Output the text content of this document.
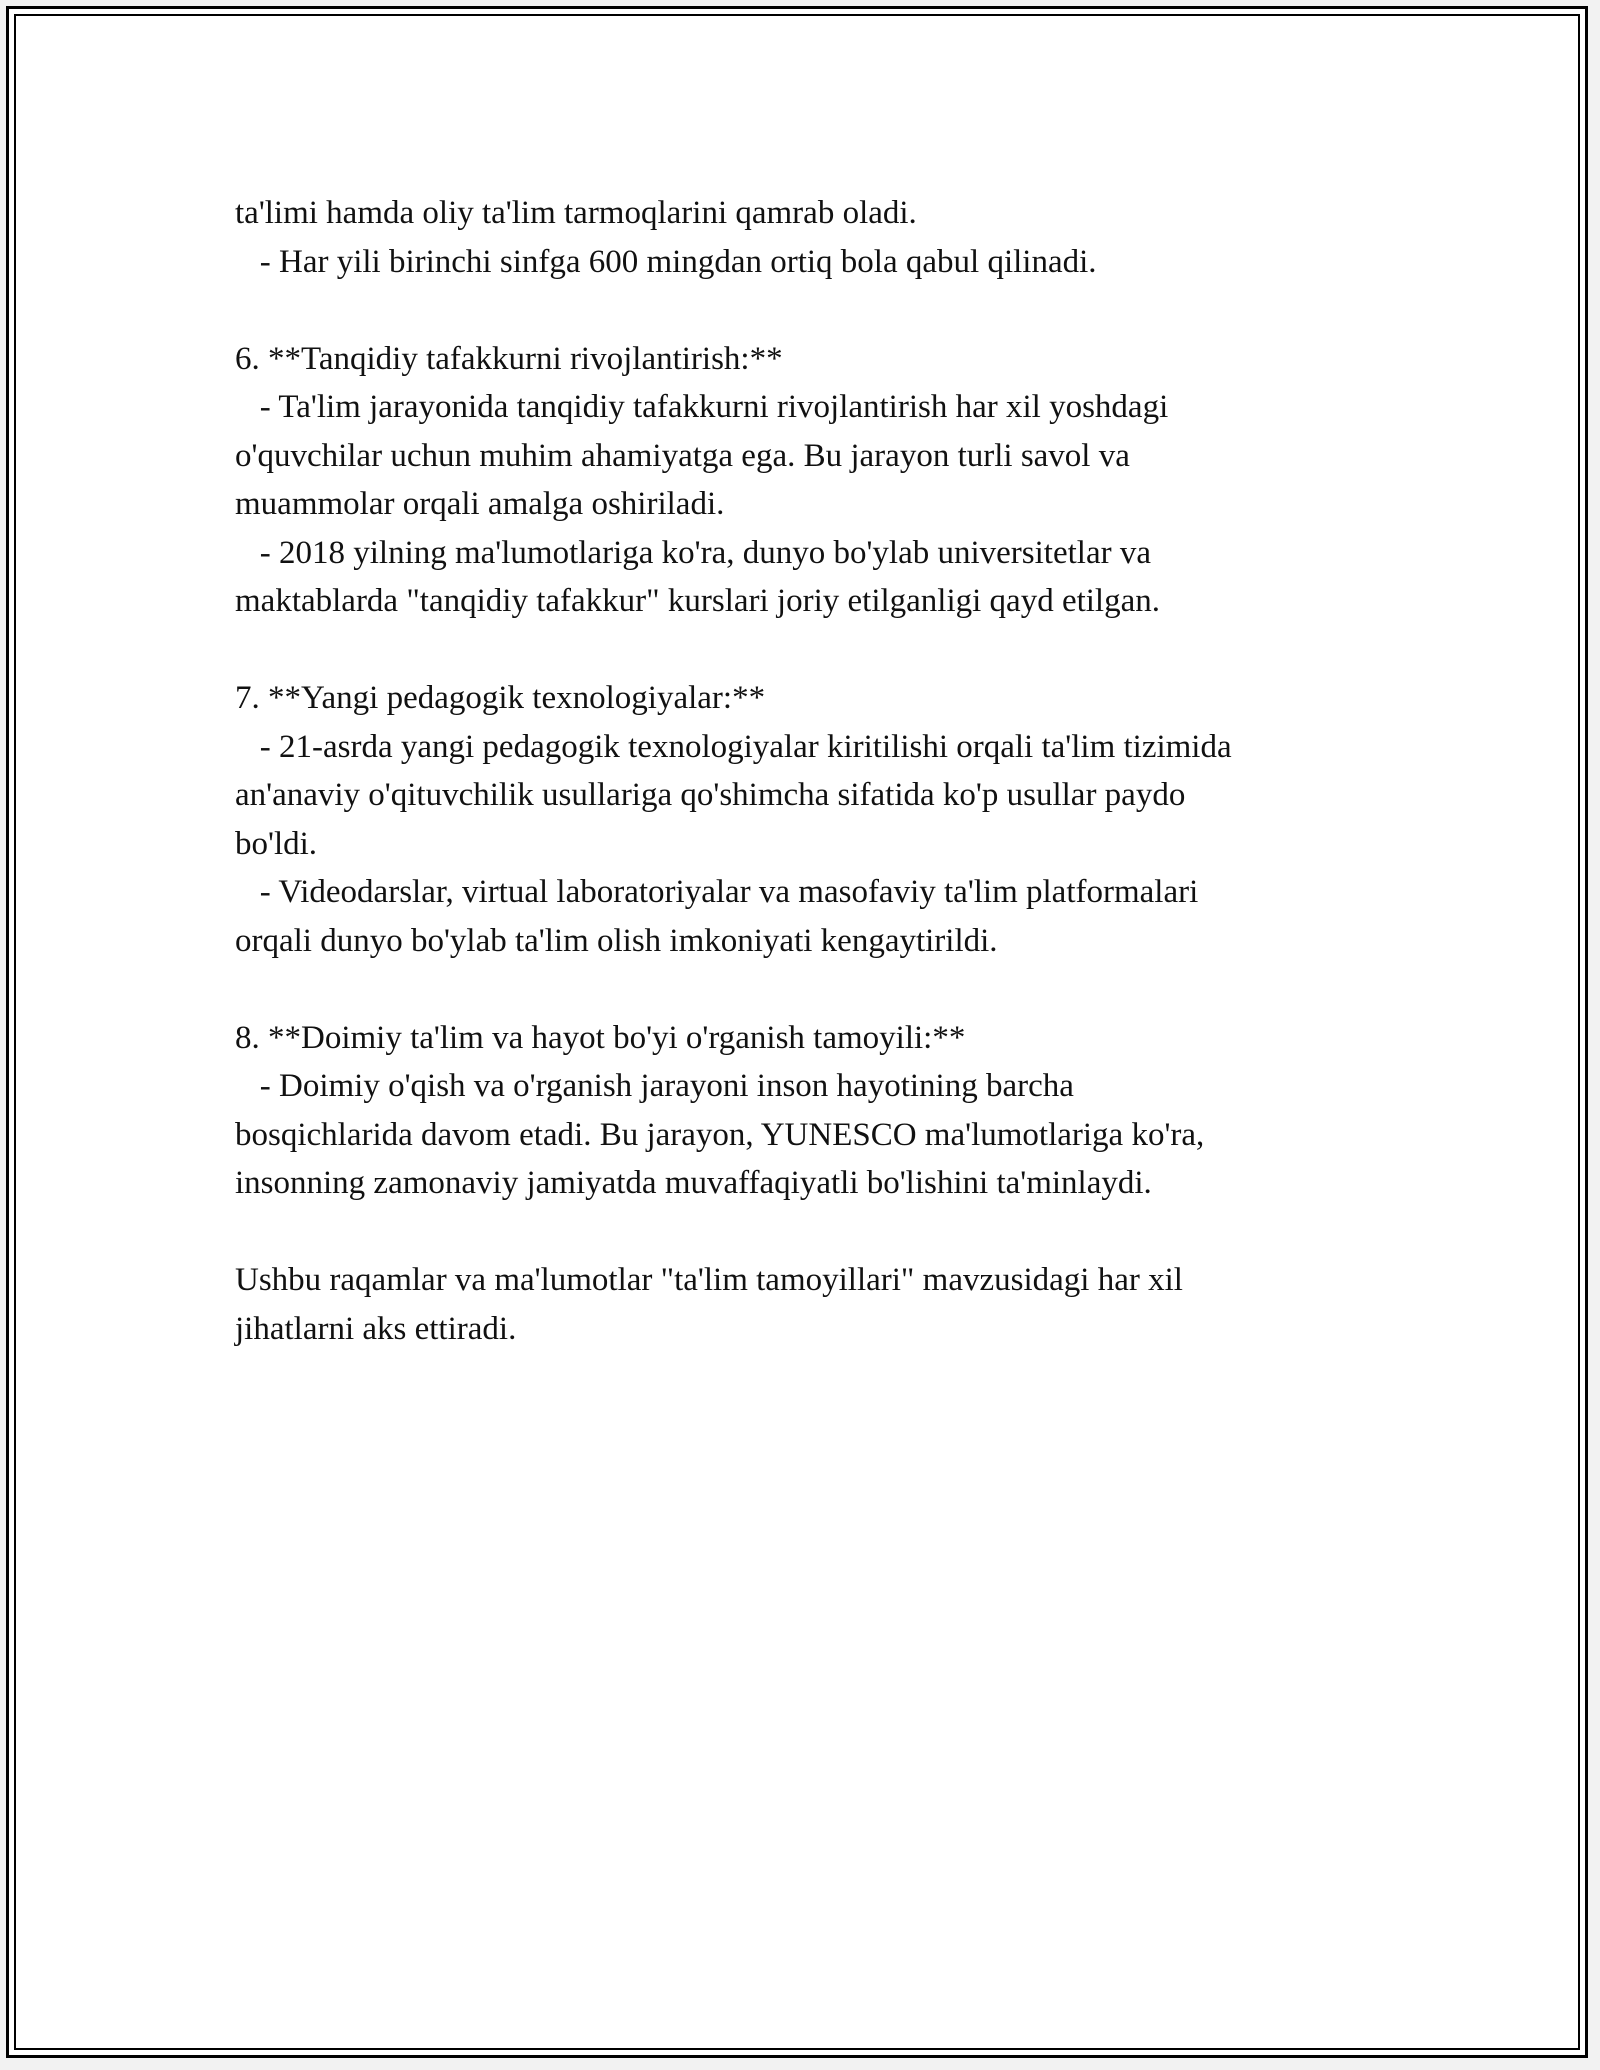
ta'limi hamda oliy ta'lim tarmoqlarini qamrab oladi.
- Har yili birinchi sinfga 600 mingdan ortiq bola qabul qilinadi.
6. **Tanqidiy tafakkurni rivojlantirish:**
- Ta'lim jarayonida tanqidiy tafakkurni rivojlantirish har xil yoshdagi
o'quvchilar uchun muhim ahamiyatga ega. Bu jarayon turli savol va
muammolar orqali amalga oshiriladi.
- 2018 yilning ma'lumotlariga ko'ra, dunyo bo'ylab universitetlar va
maktablarda "tanqidiy tafakkur" kurslari joriy etilganligi qayd etilgan.
7. **Yangi pedagogik texnologiyalar:**
- 21-asrda yangi pedagogik texnologiyalar kiritilishi orqali ta'lim tizimida
an'anaviy o'qituvchilik usullariga qo'shimcha sifatida ko'p usullar paydo
bo'ldi.
- Videodarslar, virtual laboratoriyalar va masofaviy ta'lim platformalari
orqali dunyo bo'ylab ta'lim olish imkoniyati kengaytirildi.
8. **Doimiy ta'lim va hayot bo'yi o'rganish tamoyili:**
- Doimiy o'qish va o'rganish jarayoni inson hayotining barcha
bosqichlarida davom etadi. Bu jarayon, YUNESCO ma'lumotlariga ko'ra,
insonning zamonaviy jamiyatda muvaffaqiyatli bo'lishini ta'minlaydi.
Ushbu raqamlar va ma'lumotlar "ta'lim tamoyillari" mavzusidagi har xil
jihatlarni aks ettiradi.
